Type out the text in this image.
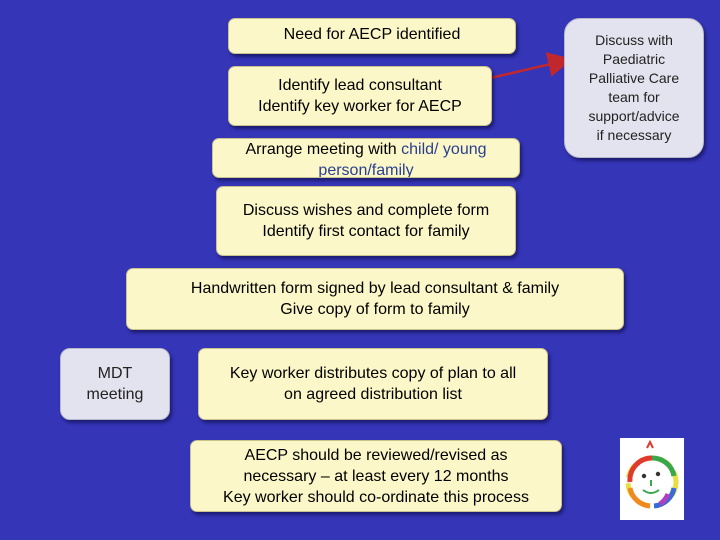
Need for AECP identified
Identify lead consultant
Identify key worker for AECP
Arrange meeting with child/ young
person/family
Discuss wishes and complete form
Identify first contact for family
Handwritten form signed by lead consultant & family
Give copy of form to family
Key worker distributes copy of plan to all
on agreed distribution list
AECP should be reviewed/revised as
necessary – at least every 12 months
Key worker should co-ordinate this process
Discuss with
Paediatric
Palliative Care
team for
support/advice
if necessary
MDT
meeting
